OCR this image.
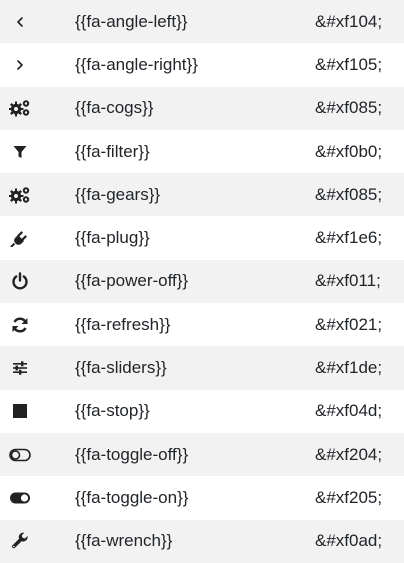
{{fa-angle-left}}	&#xf104;
{{fa-angle-right}}	&#xf105;
{{fa-cogs}}	&#xf085;
{{fa-filter}}	&#xf0b0;
{{fa-gears}}	&#xf085;
{{fa-plug}}	&#xf1e6;
{{fa-power-off}}	&#xf011;
{{fa-refresh}}	&#xf021;
{{fa-sliders}}	&#xf1de;
{{fa-stop}}	&#xf04d;
{{fa-toggle-off}}	&#xf204;
{{fa-toggle-on}}	&#xf205;
{{fa-wrench}}	&#xf0ad;
